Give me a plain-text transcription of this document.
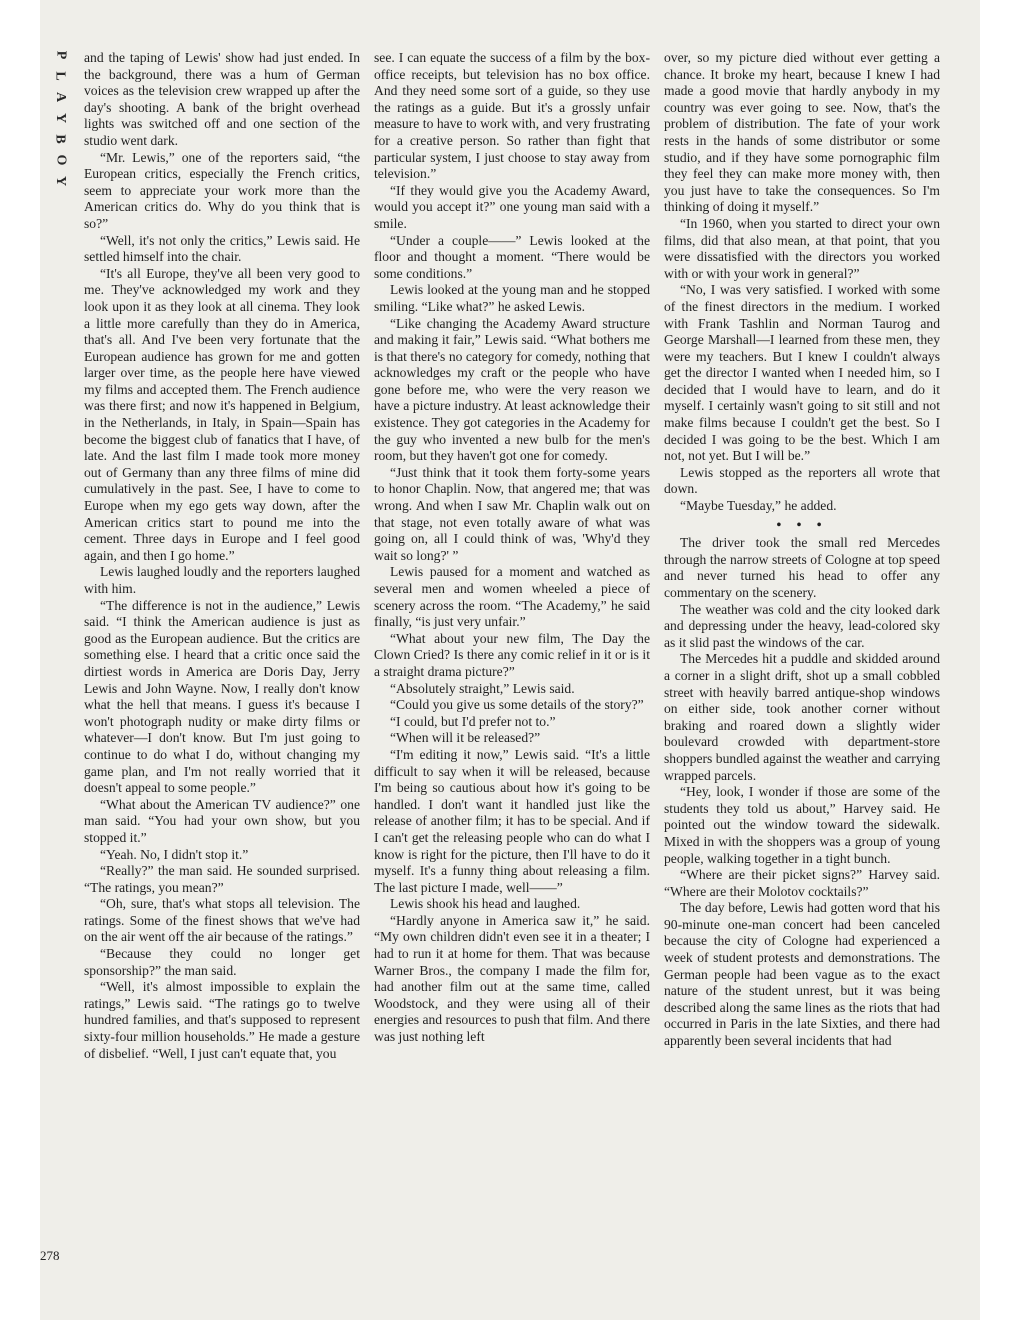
P
L
A
Y
B
O
Y
278

and the taping of Lewis' show had just ended. In the background, there was a hum of German voices as the television crew wrapped up after the day's shooting. A bank of the bright overhead lights was switched off and one section of the studio went dark.

“Mr. Lewis,” one of the reporters said, “the European critics, especially the French critics, seem to appreciate your work more than the American critics do. Why do you think that is so?”

“Well, it's not only the critics,” Lewis said. He settled himself into the chair.

“It's all Europe, they've all been very good to me. They've acknowledged my work and they look upon it as they look at all cinema. They look a little more carefully than they do in America, that's all. And I've been very fortunate that the European audience has grown for me and gotten larger over time, as the people here have viewed my films and accepted them. The French audience was there first; and now it's happened in Belgium, in the Netherlands, in Italy, in Spain—Spain has become the biggest club of fanatics that I have, of late. And the last film I made took more money out of Germany than any three films of mine did cumulatively in the past. See, I have to come to Europe when my ego gets way down, after the American critics start to pound me into the cement. Three days in Europe and I feel good again, and then I go home.”

Lewis laughed loudly and the reporters laughed with him.

“The difference is not in the audience,” Lewis said. “I think the American audience is just as good as the European audience. But the critics are something else. I heard that a critic once said the dirtiest words in America are Doris Day, Jerry Lewis and John Wayne. Now, I really don't know what the hell that means. I guess it's because I won't photograph nudity or make dirty films or whatever—I don't know. But I'm just going to continue to do what I do, without changing my game plan, and I'm not really worried that it doesn't appeal to some people.”

“What about the American TV audience?” one man said. “You had your own show, but you stopped it.”

“Yeah. No, I didn't stop it.”

“Really?” the man said. He sounded surprised. “The ratings, you mean?”

“Oh, sure, that's what stops all television. The ratings. Some of the finest shows that we've had on the air went off the air because of the ratings.”

“Because they could no longer get sponsorship?” the man said.

“Well, it's almost impossible to explain the ratings,” Lewis said. “The ratings go to twelve hundred families, and that's supposed to represent sixty-four million households.” He made a gesture of disbelief. “Well, I just can't equate that, you

see. I can equate the success of a film by the box-office receipts, but television has no box office. And they need some sort of a guide, so they use the ratings as a guide. But it's a grossly unfair measure to have to work with, and very frustrating for a creative person. So rather than fight that particular system, I just choose to stay away from television.”

“If they would give you the Academy Award, would you accept it?” one young man said with a smile.

“Under a couple——” Lewis looked at the floor and thought a moment. “There would be some conditions.”

Lewis looked at the young man and he stopped smiling. “Like what?” he asked Lewis.

“Like changing the Academy Award structure and making it fair,” Lewis said. “What bothers me is that there's no category for comedy, nothing that acknowledges my craft or the people who have gone before me, who were the very reason we have a picture industry. At least acknowledge their existence. They got categories in the Academy for the guy who invented a new bulb for the men's room, but they haven't got one for comedy.

“Just think that it took them forty-some years to honor Chaplin. Now, that angered me; that was wrong. And when I saw Mr. Chaplin walk out on that stage, not even totally aware of what was going on, all I could think of was, 'Why'd they wait so long?' ”

Lewis paused for a moment and watched as several men and women wheeled a piece of scenery across the room. “The Academy,” he said finally, “is just very unfair.”

“What about your new film, The Day the Clown Cried? Is there any comic relief in it or is it a straight drama picture?”

“Absolutely straight,” Lewis said.

“Could you give us some details of the story?”

“I could, but I'd prefer not to.”

“When will it be released?”

“I'm editing it now,” Lewis said. “It's a little difficult to say when it will be released, because I'm being so cautious about how it's going to be handled. I don't want it handled just like the release of another film; it has to be special. And if I can't get the releasing people who can do what I know is right for the picture, then I'll have to do it myself. It's a funny thing about releasing a film. The last picture I made, well——”

Lewis shook his head and laughed.

“Hardly anyone in America saw it,” he said. “My own children didn't even see it in a theater; I had to run it at home for them. That was because Warner Bros., the company I made the film for, had another film out at the same time, called Woodstock, and they were using all of their energies and resources to push that film. And there was just nothing left

over, so my picture died without ever getting a chance. It broke my heart, because I knew I had made a good movie that hardly anybody in my country was ever going to see. Now, that's the problem of distribution. The fate of your work rests in the hands of some distributor or some studio, and if they have some pornographic film they feel they can make more money with, then you just have to take the consequences. So I'm thinking of doing it myself.”

“In 1960, when you started to direct your own films, did that also mean, at that point, that you were dissatisfied with the directors you worked with or with your work in general?”

“No, I was very satisfied. I worked with some of the finest directors in the medium. I worked with Frank Tashlin and Norman Taurog and George Marshall—I learned from these men, they were my teachers. But I knew I couldn't always get the director I wanted when I needed him, so I decided that I would have to learn, and do it myself. I certainly wasn't going to sit still and not make films because I couldn't get the best. So I decided I was going to be the best. Which I am not, not yet. But I will be.”

Lewis stopped as the reporters all wrote that down.

“Maybe Tuesday,” he added.

• • •

The driver took the small red Mercedes through the narrow streets of Cologne at top speed and never turned his head to offer any commentary on the scenery.

The weather was cold and the city looked dark and depressing under the heavy, lead-colored sky as it slid past the windows of the car.

The Mercedes hit a puddle and skidded around a corner in a slight drift, shot up a small cobbled street with heavily barred antique-shop windows on either side, took another corner without braking and roared down a slightly wider boulevard crowded with department-store shoppers bundled against the weather and carrying wrapped parcels.

“Hey, look, I wonder if those are some of the students they told us about,” Harvey said. He pointed out the window toward the sidewalk. Mixed in with the shoppers was a group of young people, walking together in a tight bunch.

“Where are their picket signs?” Harvey said. “Where are their Molotov cocktails?”

The day before, Lewis had gotten word that his 90-minute one-man concert had been canceled because the city of Cologne had experienced a week of student protests and demonstrations. The German people had been vague as to the exact nature of the student unrest, but it was being described along the same lines as the riots that had occurred in Paris in the late Sixties, and there had apparently been several incidents that had
